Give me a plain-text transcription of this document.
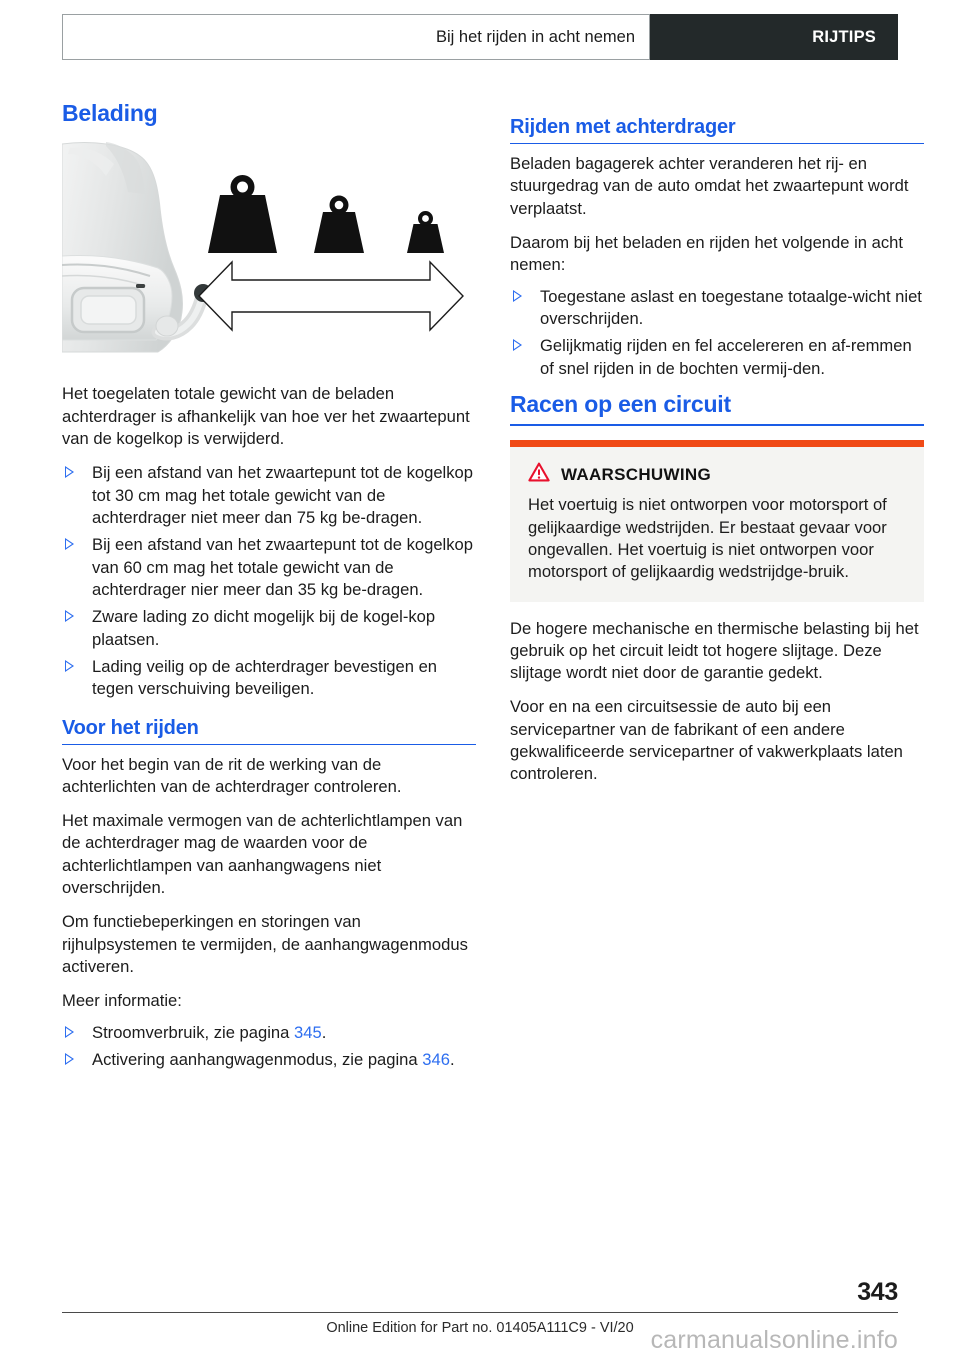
Bij het rijden in acht nemen	RIJTIPS
Belading

Het toegelaten totale gewicht van de beladen achterdrager is afhankelijk van hoe ver het zwaartepunt van de kogelkop is verwijderd.

Bij een afstand van het zwaartepunt tot de kogelkop tot 30 cm mag het totale gewicht van de achterdrager niet meer dan 75 kg be‑dragen.
Bij een afstand van het zwaartepunt tot de kogelkop van 60 cm mag het totale gewicht van de achterdrager nier meer dan 35 kg be‑dragen.
Zware lading zo dicht mogelijk bij de kogel‑kop plaatsen.
Lading veilig op de achterdrager bevestigen en tegen verschuiving beveiligen.
Voor het rijden

Voor het begin van de rit de werking van de achterlichten van de achterdrager controleren.

Het maximale vermogen van de achterlichtlampen van de achterdrager mag de waarden voor de achterlichtlampen van aanhangwagens niet overschrijden.

Om functiebeperkingen en storingen van rijhulpsystemen te vermijden, de aanhangwagenmodus activeren.

Meer informatie:

Stroomverbruik, zie pagina 345.
Activering aanhangwagenmodus, zie pagina 346.
Rijden met achterdrager

Beladen bagagerek achter veranderen het rij- en stuurgedrag van de auto omdat het zwaartepunt wordt verplaatst.

Daarom bij het beladen en rijden het volgende in acht nemen:

Toegestane aslast en toegestane totaalge‑wicht niet overschrijden.
Gelijkmatig rijden en fel accelereren en af‑remmen of snel rijden in de bochten vermij‑den.
Racen op een circuit
WAARSCHUWING
Het voertuig is niet ontworpen voor motorsport of gelijkaardige wedstrijden. Er bestaat gevaar voor ongevallen. Het voertuig is niet ontworpen voor motorsport of gelijkaardig wedstrijdge‑bruik.

De hogere mechanische en thermische belasting bij het gebruik op het circuit leidt tot hogere slijtage. Deze slijtage wordt niet door de garantie gedekt.

Voor en na een circuitsessie de auto bij een servicepartner van de fabrikant of een andere gekwalificeerde servicepartner of vakwerkplaats laten controleren.

343
Online Edition for Part no. 01405A111C9 - VI/20 carmanualsonline.info
